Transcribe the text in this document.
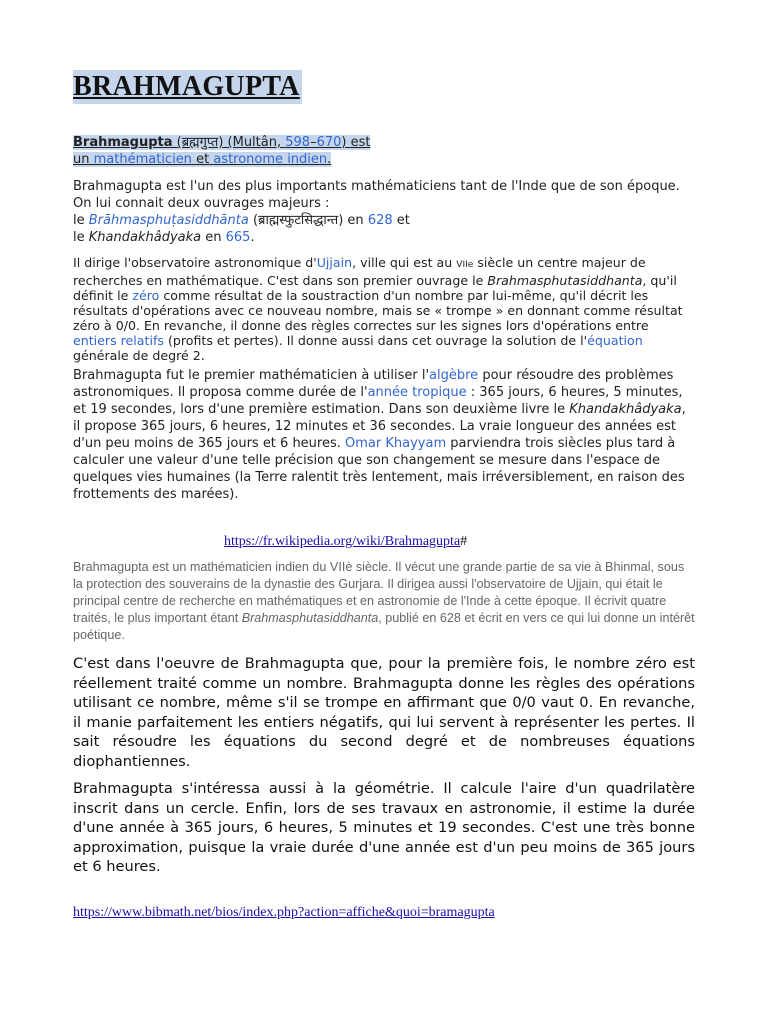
BRAHMAGUPTA
Brahmagupta (ब्रह्मगुप्त) (Multân, 598–670) est
un mathématicien et astronome indien.
Brahmagupta est l'un des plus importants mathématiciens tant de l'Inde que de son époque. On lui connait deux ouvrages majeurs :
le Brāhmasphuṭasiddhānta (ब्राह्मस्फुटसिद्धान्त) en 628 et
le Khandakhâdyaka en 665.
Il dirige l'observatoire astronomique d'Ujjain, ville qui est au VIIe siècle un centre majeur de recherches en mathématique. C'est dans son premier ouvrage le Brahmasphutasiddhanta, qu'il définit le zéro comme résultat de la soustraction d'un nombre par lui-même, qu'il décrit les résultats d'opérations avec ce nouveau nombre, mais se « trompe » en donnant comme résultat zéro à 0/0. En revanche, il donne des règles correctes sur les signes lors d'opérations entre entiers relatifs (profits et pertes). Il donne aussi dans cet ouvrage la solution de l'équation générale de degré 2.
Brahmagupta fut le premier mathématicien à utiliser l'algèbre pour résoudre des problèmes astronomiques. Il proposa comme durée de l'année tropique : 365 jours, 6 heures, 5 minutes, et 19 secondes, lors d'une première estimation. Dans son deuxième livre le Khandakhâdyaka, il propose 365 jours, 6 heures, 12 minutes et 36 secondes. La vraie longueur des années est d'un peu moins de 365 jours et 6 heures. Omar Khayyam parviendra trois siècles plus tard à calculer une valeur d'une telle précision que son changement se mesure dans l'espace de quelques vies humaines (la Terre ralentit très lentement, mais irréversiblement, en raison des frottements des marées).
https://fr.wikipedia.org/wiki/Brahmagupta#
Brahmagupta est un mathématicien indien du VIIè siècle. Il vécut une grande partie de sa vie à Bhinmal, sous la protection des souverains de la dynastie des Gurjara. Il dirigea aussi l'observatoire de Ujjain, qui était le principal centre de recherche en mathématiques et en astronomie de l'Inde à cette époque. Il écrivit quatre traités, le plus important étant Brahmasphutasiddhanta, publié en 628 et écrit en vers ce qui lui donne un intérêt poétique.
C'est dans l'oeuvre de Brahmagupta que, pour la première fois, le nombre zéro est réellement traité comme un nombre. Brahmagupta donne les règles des opérations utilisant ce nombre, même s'il se trompe en affirmant que 0/0 vaut 0. En revanche, il manie parfaitement les entiers négatifs, qui lui servent à représenter les pertes. Il sait résoudre les équations du second degré et de nombreuses équations diophantiennes.
Brahmagupta s'intéressa aussi à la géométrie. Il calcule l'aire d'un quadrilatère inscrit dans un cercle. Enfin, lors de ses travaux en astronomie, il estime la durée d'une année à 365 jours, 6 heures, 5 minutes et 19 secondes. C'est une très bonne approximation, puisque la vraie durée d'une année est d'un peu moins de 365 jours et 6 heures.
https://www.bibmath.net/bios/index.php?action=affiche&quoi=bramagupta
